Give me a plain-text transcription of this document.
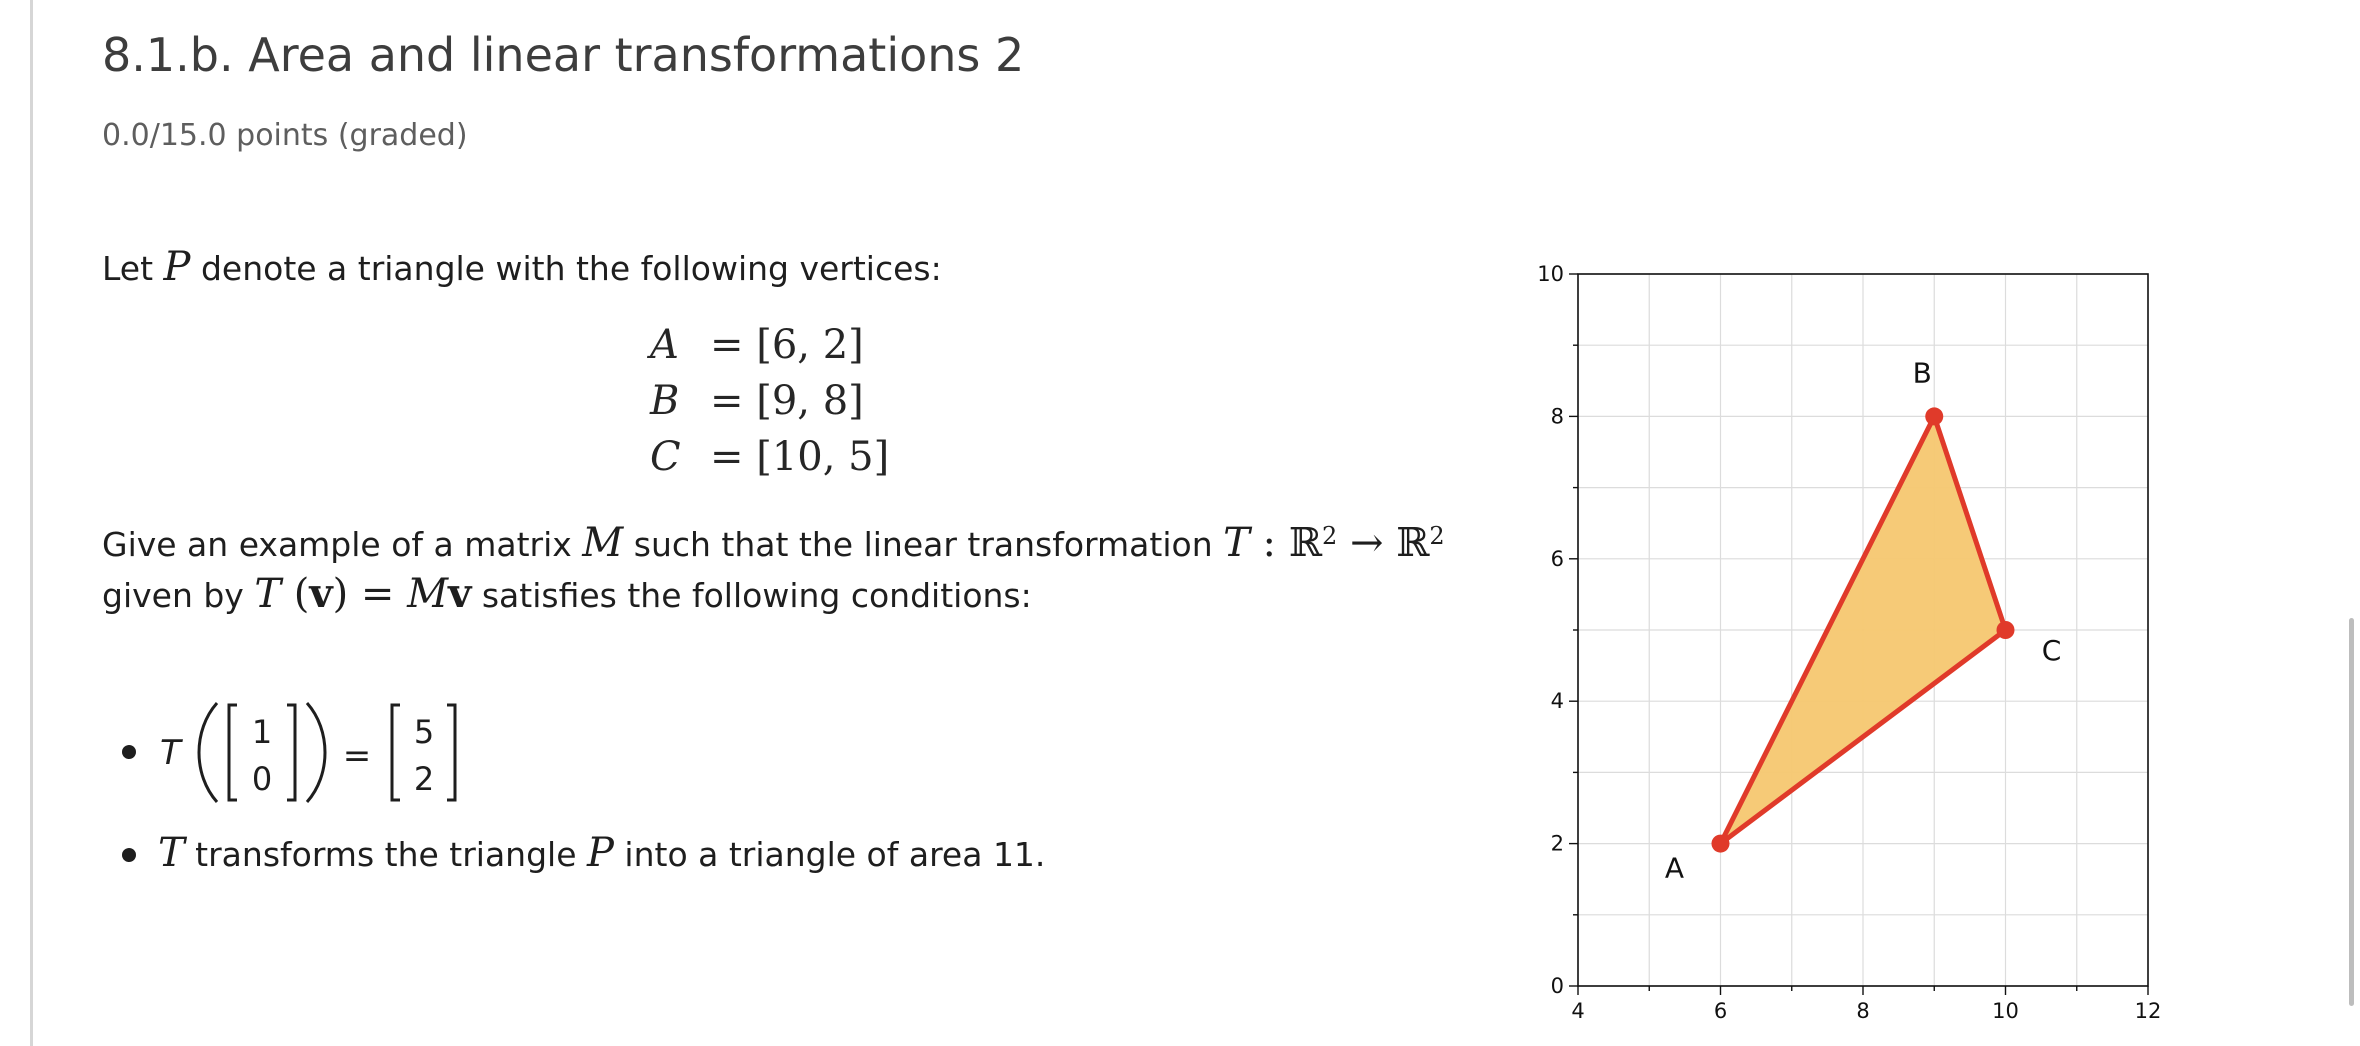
8.1.b. Area and linear transformations 2
0.0/15.0 points (graded)
Let P denote a triangle with the following vertices:
A = [6, 2]
B = [9, 8]
C = [10, 5]
Give an example of a matrix M such that the linear transformation T : ℝ$^2$ → ℝ$^2$
given by T (v) = Mv satisfies the following conditions:
T
1
0
=
5
2
T transforms the triangle P into a triangle of area 11.	A
B
C
4	6	8	10	12
0
2
4
6
8
10
